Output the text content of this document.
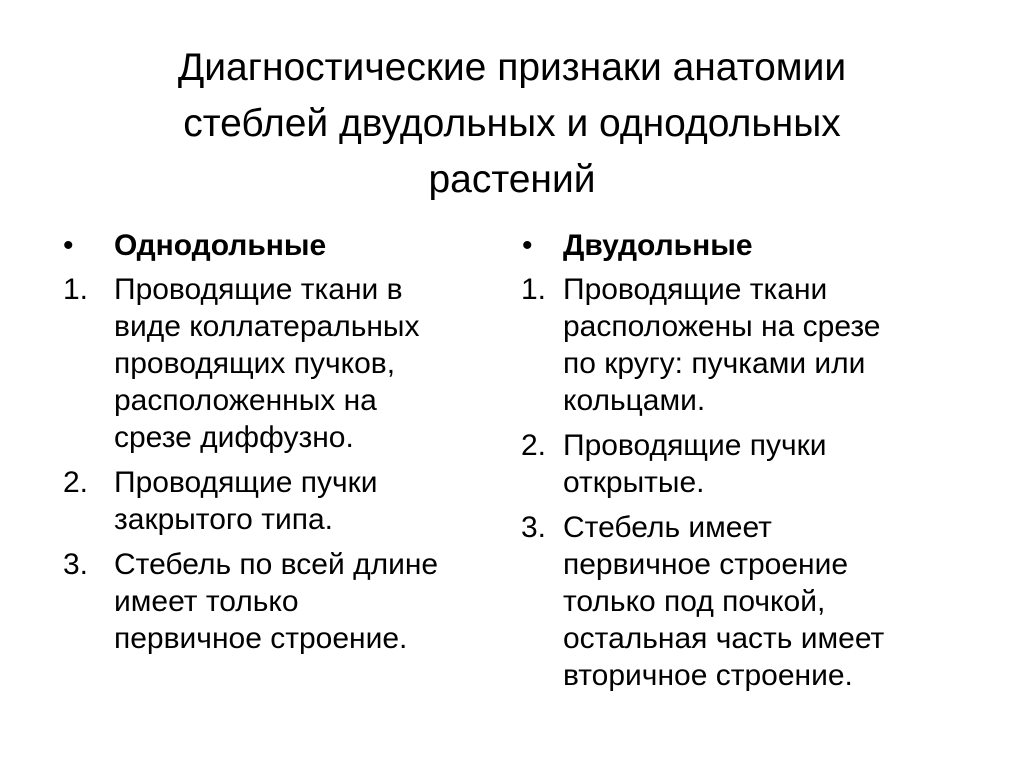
Диагностические признаки анатомии
стеблей двудольных и однодольных
растений
• Однодольные
1. Проводящие ткани в
виде коллатеральных
проводящих пучков,
расположенных на
срезе диффузно.
2. Проводящие пучки
закрытого типа.
3. Стебель по всей длине
имеет только
первичное строение.
• Двудольные
1. Проводящие ткани
расположены на срезе
по кругу: пучками или
кольцами.
2. Проводящие пучки
открытые.
3. Стебель имеет
первичное строение
только под почкой,
остальная часть имеет
вторичное строение.
